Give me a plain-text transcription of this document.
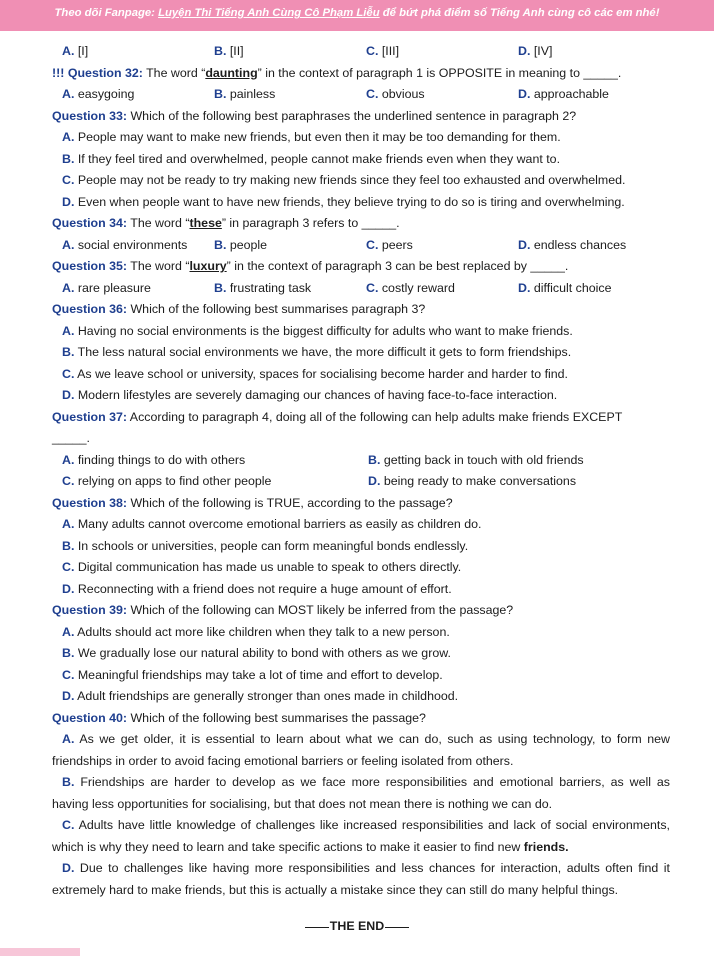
Theo dõi Fanpage: Luyện Thi Tiếng Anh Cùng Cô Phạm Liễu để bứt phá điểm số Tiếng Anh cùng cô các em nhé!
A. [I]	B. [II]	C. [III]	D. [IV]
!!! Question 32: The word “daunting” in the context of paragraph 1 is OPPOSITE in meaning to _____.
A. easygoing	B. painless	C. obvious	D. approachable
Question 33: Which of the following best paraphrases the underlined sentence in paragraph 2?
A. People may want to make new friends, but even then it may be too demanding for them.
B. If they feel tired and overwhelmed, people cannot make friends even when they want to.
C. People may not be ready to try making new friends since they feel too exhausted and overwhelmed.
D. Even when people want to have new friends, they believe trying to do so is tiring and overwhelming.
Question 34: The word “these” in paragraph 3 refers to _____.
A. social environments	B. people	C. peers	D. endless chances
Question 35: The word “luxury” in the context of paragraph 3 can be best replaced by _____.
A. rare pleasure	B. frustrating task	C. costly reward	D. difficult choice
Question 36: Which of the following best summarises paragraph 3?
A. Having no social environments is the biggest difficulty for adults who want to make friends.
B. The less natural social environments we have, the more difficult it gets to form friendships.
C. As we leave school or university, spaces for socialising become harder and harder to find.
D. Modern lifestyles are severely damaging our chances of having face-to-face interaction.
Question 37: According to paragraph 4, doing all of the following can help adults make friends EXCEPT
_____.
A. finding things to do with others	B. getting back in touch with old friends
C. relying on apps to find other people	D. being ready to make conversations
Question 38: Which of the following is TRUE, according to the passage?
A. Many adults cannot overcome emotional barriers as easily as children do.
B. In schools or universities, people can form meaningful bonds endlessly.
C. Digital communication has made us unable to speak to others directly.
D. Reconnecting with a friend does not require a huge amount of effort.
Question 39: Which of the following can MOST likely be inferred from the passage?
A. Adults should act more like children when they talk to a new person.
B. We gradually lose our natural ability to bond with others as we grow.
C. Meaningful friendships may take a lot of time and effort to develop.
D. Adult friendships are generally stronger than ones made in childhood.
Question 40: Which of the following best summarises the passage?
A. As we get older, it is essential to learn about what we can do, such as using technology, to form new friendships in order to avoid facing emotional barriers or feeling isolated from others.
B. Friendships are harder to develop as we face more responsibilities and emotional barriers, as well as having less opportunities for socialising, but that does not mean there is nothing we can do.
C. Adults have little knowledge of challenges like increased responsibilities and lack of social environments, which is why they need to learn and take specific actions to make it easier to find new friends.
D. Due to challenges like having more responsibilities and less chances for interaction, adults often find it extremely hard to make friends, but this is actually a mistake since they can still do many helpful things.
THE END
